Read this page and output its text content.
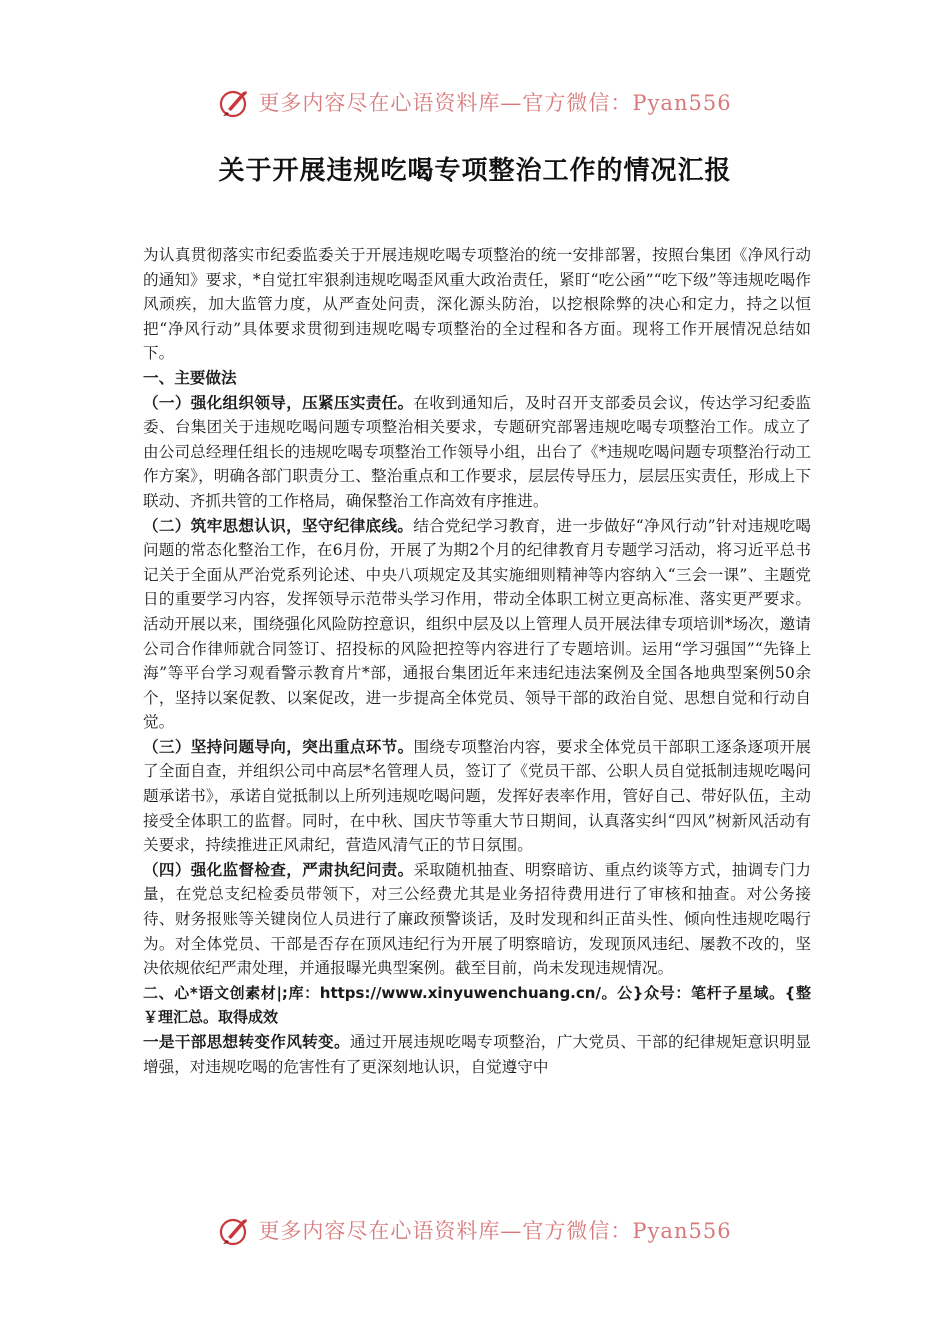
更多内容尽在心语资料库—官方微信：Pyan556
关于开展违规吃喝专项整治工作的情况汇报

为认真贯彻落实市纪委监委关于开展违规吃喝专项整治的统一安排部署，按照台集团《净风行动的通知》要求，*自觉扛牢狠刹违规吃喝歪风重大政治责任，紧盯“吃公函”“吃下级”等违规吃喝作风顽疾，加大监管力度，从严查处问责，深化源头防治，以挖根除弊的决心和定力，持之以恒把“净风行动”具体要求贯彻到违规吃喝专项整治的全过程和各方面。现将工作开展情况总结如下。

一、主要做法

（一）强化组织领导，压紧压实责任。在收到通知后，及时召开支部委员会议，传达学习纪委监委、台集团关于违规吃喝问题专项整治相关要求，专题研究部署违规吃喝专项整治工作。成立了由公司总经理任组长的违规吃喝专项整治工作领导小组，出台了《*违规吃喝问题专项整治行动工作方案》，明确各部门职责分工、整治重点和工作要求，层层传导压力，层层压实责任，形成上下联动、齐抓共管的工作格局，确保整治工作高效有序推进。

（二）筑牢思想认识，坚守纪律底线。结合党纪学习教育，进一步做好“净风行动”针对违规吃喝问题的常态化整治工作，在6月份，开展了为期2个月的纪律教育月专题学习活动，将习近平总书记关于全面从严治党系列论述、中央八项规定及其实施细则精神等内容纳入“三会一课”、主题党日的重要学习内容，发挥领导示范带头学习作用，带动全体职工树立更高标准、落实更严要求。活动开展以来，围绕强化风险防控意识，组织中层及以上管理人员开展法律专项培训*场次，邀请公司合作律师就合同签订、招投标的风险把控等内容进行了专题培训。运用“学习强国”“先锋上海”等平台学习观看警示教育片*部，通报台集团近年来违纪违法案例及全国各地典型案例50余个，坚持以案促教、以案促改，进一步提高全体党员、领导干部的政治自觉、思想自觉和行动自觉。

（三）坚持问题导向，突出重点环节。围绕专项整治内容，要求全体党员干部职工逐条逐项开展了全面自查，并组织公司中高层*名管理人员，签订了《党员干部、公职人员自觉抵制违规吃喝问题承诺书》，承诺自觉抵制以上所列违规吃喝问题，发挥好表率作用，管好自己、带好队伍，主动接受全体职工的监督。同时，在中秋、国庆节等重大节日期间，认真落实纠“四风”树新风活动有关要求，持续推进正风肃纪，营造风清气正的节日氛围。

（四）强化监督检查，严肃执纪问责。采取随机抽查、明察暗访、重点约谈等方式，抽调专门力量，在党总支纪检委员带领下，对三公经费尤其是业务招待费用进行了审核和抽查。对公务接待、财务报账等关键岗位人员进行了廉政预警谈话，及时发现和纠正苗头性、倾向性违规吃喝行为。对全体党员、干部是否存在顶风违纪行为开展了明察暗访，发现顶风违纪、屡教不改的，坚决依规依纪严肃处理，并通报曝光典型案例。截至目前，尚未发现违规情况。

二、心*语文创素材|;库：https://www.xinyuwenchuang.cn/。公}众号：笔杆子星域。{整￥理汇总。取得成效

一是干部思想转变作风转变。通过开展违规吃喝专项整治，广大党员、干部的纪律规矩意识明显增强，对违规吃喝的危害性有了更深刻地认识，自觉遵守中

更多内容尽在心语资料库—官方微信：Pyan556
